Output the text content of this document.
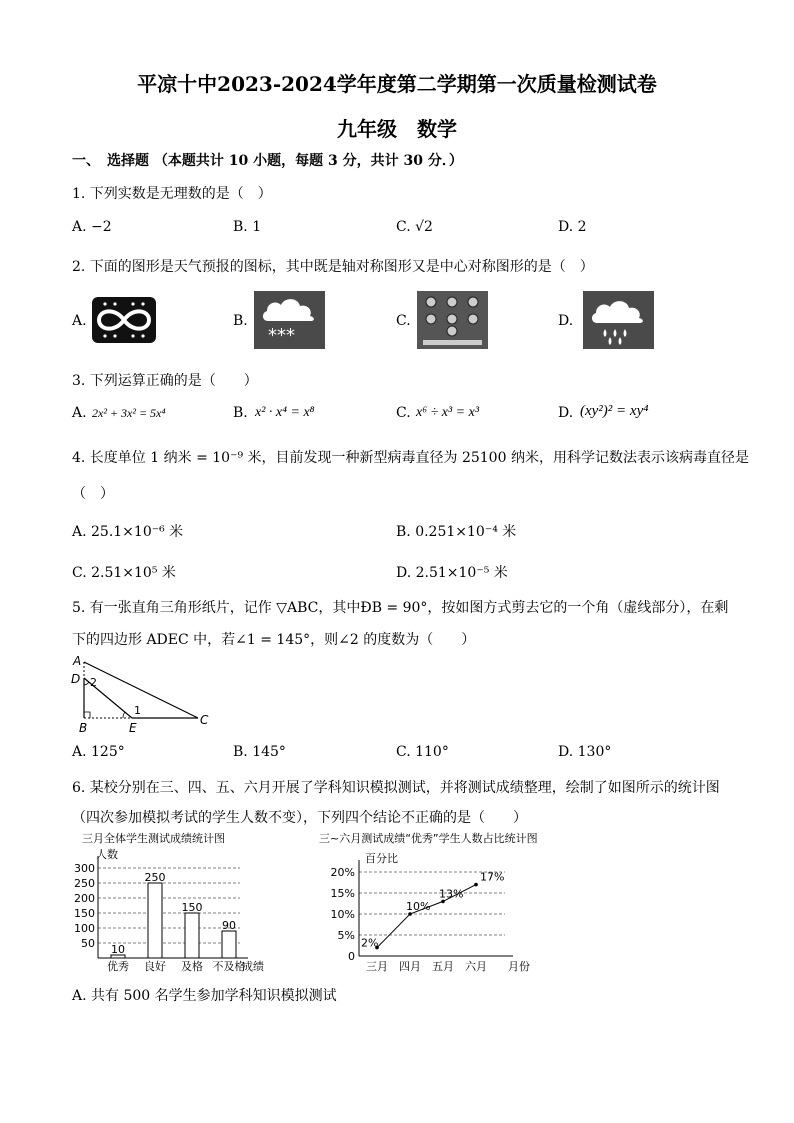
平凉十中2023-2024学年度第二学期第一次质量检测试卷
九年级　数学
一、　选择题 （本题共计 10 小题，每题 3 分，共计 30 分．）
1. 下列实数是无理数的是（　）
A. −2	B. 1	C. √2	D. 2
2. 下面的图形是天气预报的图标，其中既是轴对称图形又是中心对称图形的是（　）
A.	B.	C.	D.
***
3. 下列运算正确的是（　　）
A. 2x² + 3x² = 5x⁴	B. x² · x⁴ = x⁸	C. x⁶ ÷ x³ = x³	D. (xy²)² = xy⁴
4. 长度单位 1 纳米 = 10⁻⁹ 米，目前发现一种新型病毒直径为 25100 纳米，用科学记数法表示该病毒直径是
（　）
A. 25.1×10⁻⁶ 米	B. 0.251×10⁻⁴ 米
C. 2.51×10⁵ 米	D. 2.51×10⁻⁵ 米
5. 有一张直角三角形纸片，记作 ▽ABC，其中ÐB = 90°，按如图方式剪去它的一个角（虚线部分），在剩
下的四边形 ADEC 中，若∠1 = 145°，则∠2 的度数为（　　）
A
D 2
1
B	E
C
A. 125°	B. 145°	C. 110°	D. 130°
6. 某校分别在三、四、五、六月开展了学科知识模拟测试，并将测试成绩整理，绘制了如图所示的统计图
（四次参加模拟考试的学生人数不变），下列四个结论不正确的是（　　）
三月全体学生测试成绩统计图
人数
成绩
50
100
150
200
250
300
10
优秀
250
良好
150
及格
90
不及格
三~六月测试成绩“优秀”学生人数占比统计图
百分比
月份
0
5%
10%
15%
20%
2%
三月
10%
四月
13%
五月
17%
六月
A. 共有 500 名学生参加学科知识模拟测试
